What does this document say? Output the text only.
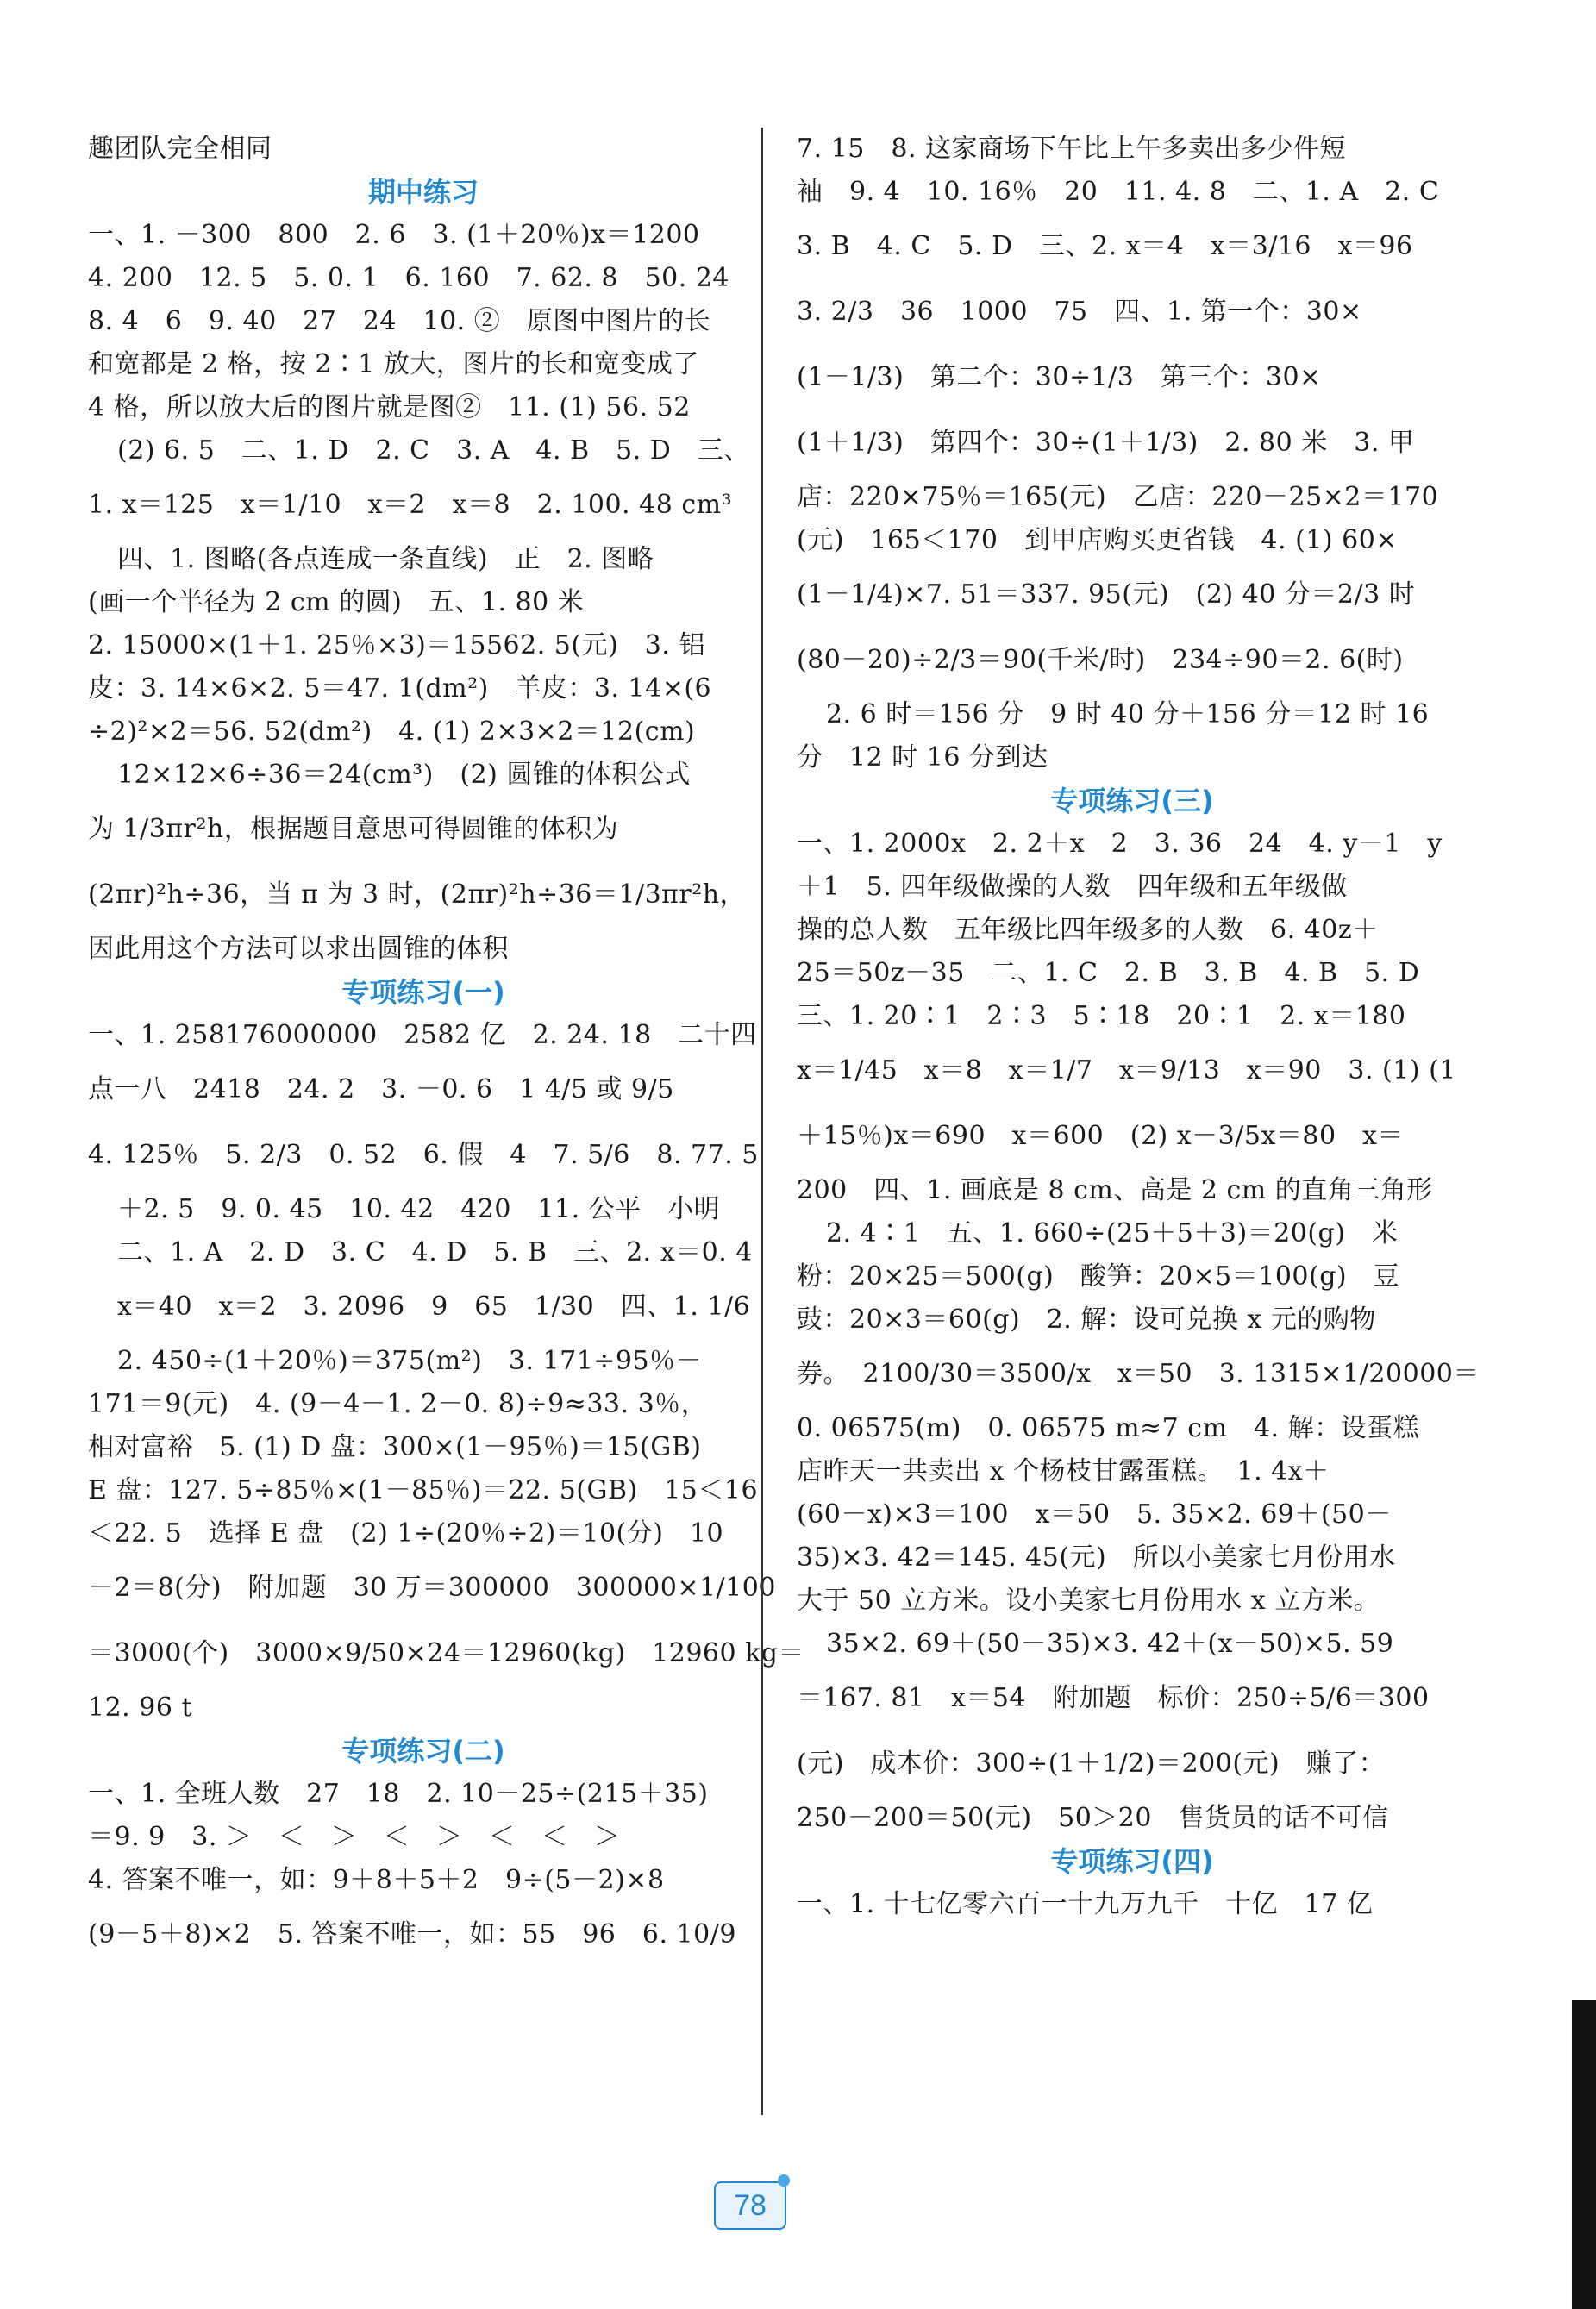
趣团队完全相同
期中练习
一、1. －300　800　2. 6　3. (1＋20％)x＝1200
4. 200　12. 5　5. 0. 1　6. 160　7. 62. 8　50. 24
8. 4　6　9. 40　27　24　10. ②　原图中图片的长
和宽都是 2 格，按 2∶1 放大，图片的长和宽变成了
4 格，所以放大后的图片就是图②　11. (1) 56. 52
(2) 6. 5　二、1. D　2. C　3. A　4. B　5. D　三、
1. x＝125　x＝1/10　x＝2　x＝8　2. 100. 48 cm³
四、1. 图略(各点连成一条直线)　正　2. 图略
(画一个半径为 2 cm 的圆)　五、1. 80 米
2. 15000×(1＋1. 25％×3)＝15562. 5(元)　3. 铝
皮：3. 14×6×2. 5＝47. 1(dm²)　羊皮：3. 14×(6
÷2)²×2＝56. 52(dm²)　4. (1) 2×3×2＝12(cm)
12×12×6÷36＝24(cm³)　(2) 圆锥的体积公式
为 1/3πr²h，根据题目意思可得圆锥的体积为
(2πr)²h÷36，当 π 为 3 时，(2πr)²h÷36＝1/3πr²h，
因此用这个方法可以求出圆锥的体积
专项练习(一)
一、1. 258176000000　2582 亿　2. 24. 18　二十四
点一八　2418　24. 2　3. －0. 6　1 4/5 或 9/5
4. 125％　5. 2/3　0. 52　6. 假　4　7. 5/6　8. 77. 5
＋2. 5　9. 0. 45　10. 42　420　11. 公平　小明
二、1. A　2. D　3. C　4. D　5. B　三、2. x＝0. 4
x＝40　x＝2　3. 2096　9　65　1/30　四、1. 1/6
2. 450÷(1＋20％)＝375(m²)　3. 171÷95％－
171＝9(元)　4. (9－4－1. 2－0. 8)÷9≈33. 3％，
相对富裕　5. (1) D 盘：300×(1－95％)＝15(GB)
E 盘：127. 5÷85％×(1－85％)＝22. 5(GB)　15＜16
＜22. 5　选择 E 盘　(2) 1÷(20％÷2)＝10(分)　10
－2＝8(分)　附加题　30 万＝300000　300000×1/100
＝3000(个)　3000×9/50×24＝12960(kg)　12960 kg＝
12. 96 t
专项练习(二)
一、1. 全班人数　27　18　2. 10－25÷(215＋35)
＝9. 9　3. ＞　＜　＞　＜　＞　＜　＜　＞
4. 答案不唯一，如：9＋8＋5＋2　9÷(5－2)×8
(9－5＋8)×2　5. 答案不唯一，如：55　96　6. 10/9
7. 15　8. 这家商场下午比上午多卖出多少件短
袖　9. 4　10. 16％　20　11. 4. 8　二、1. A　2. C
3. B　4. C　5. D　三、2. x＝4　x＝3/16　x＝96
3. 2/3　36　1000　75　四、1. 第一个：30×
(1－1/3)　第二个：30÷1/3　第三个：30×
(1＋1/3)　第四个：30÷(1＋1/3)　2. 80 米　3. 甲
店：220×75％＝165(元)　乙店：220－25×2＝170
(元)　165＜170　到甲店购买更省钱　4. (1) 60×
(1－1/4)×7. 51＝337. 95(元)　(2) 40 分＝2/3 时
(80－20)÷2/3＝90(千米/时)　234÷90＝2. 6(时)
2. 6 时＝156 分　9 时 40 分＋156 分＝12 时 16
分　12 时 16 分到达
专项练习(三)
一、1. 2000x　2. 2＋x　2　3. 36　24　4. y－1　y
＋1　5. 四年级做操的人数　四年级和五年级做
操的总人数　五年级比四年级多的人数　6. 40z＋
25＝50z－35　二、1. C　2. B　3. B　4. B　5. D
三、1. 20∶1　2∶3　5∶18　20∶1　2. x＝180
x＝1/45　x＝8　x＝1/7　x＝9/13　x＝90　3. (1) (1
＋15％)x＝690　x＝600　(2) x－3/5x＝80　x＝
200　四、1. 画底是 8 cm、高是 2 cm 的直角三角形
2. 4∶1　五、1. 660÷(25＋5＋3)＝20(g)　米
粉：20×25＝500(g)　酸笋：20×5＝100(g)　豆
豉：20×3＝60(g)　2. 解：设可兑换 x 元的购物
券。　2100/30＝3500/x　x＝50　3. 1315×1/20000＝
0. 06575(m)　0. 06575 m≈7 cm　4. 解：设蛋糕
店昨天一共卖出 x 个杨枝甘露蛋糕。　1. 4x＋
(60－x)×3＝100　x＝50　5. 35×2. 69＋(50－
35)×3. 42＝145. 45(元)　所以小美家七月份用水
大于 50 立方米。设小美家七月份用水 x 立方米。
35×2. 69＋(50－35)×3. 42＋(x－50)×5. 59
＝167. 81　x＝54　附加题　标价：250÷5/6＝300
(元)　成本价：300÷(1＋1/2)＝200(元)　赚了：
250－200＝50(元)　50＞20　售货员的话不可信
专项练习(四)
一、1. 十七亿零六百一十九万九千　十亿　17 亿
78
